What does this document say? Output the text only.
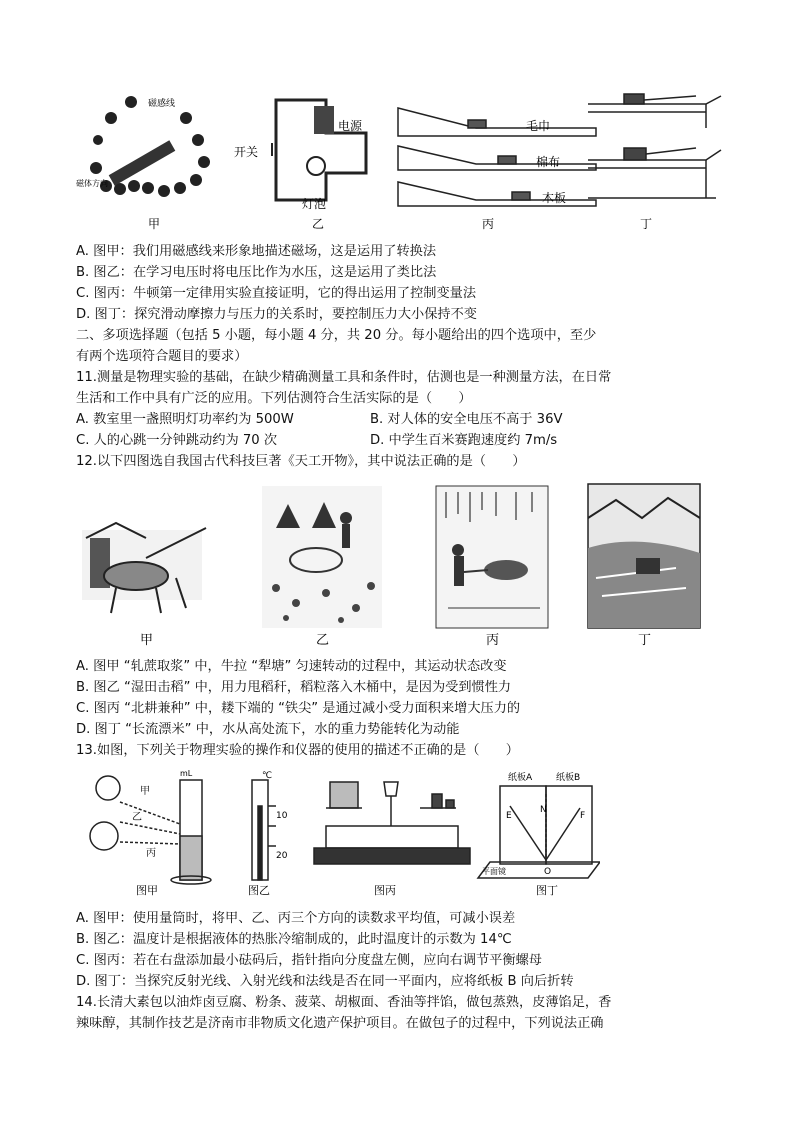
磁感线
磁体方向
甲
电源
开关
灯泡
乙
毛巾
棉布
木板
丙	丁
A. 图甲：我们用磁感线来形象地描述磁场，这是运用了转换法
B. 图乙：在学习电压时将电压比作为水压，这是运用了类比法
C. 图丙：牛顿第一定律用实验直接证明，它的得出运用了控制变量法
D. 图丁：探究滑动摩擦力与压力的关系时，要控制压力大小保持不变
二、多项选择题（包括 5 小题，每小题 4 分，共 20 分。每小题给出的四个选项中，至少
有两个选项符合题目的要求）
11.测量是物理实验的基础，在缺少精确测量工具和条件时，估测也是一种测量方法，在日常
生活和工作中具有广泛的应用。下列估测符合生活实际的是（　　）
A. 教室里一盏照明灯功率约为 500W	B. 对人体的安全电压不高于 36V
C. 人的心跳一分钟跳动约为 70 次	D. 中学生百米赛跑速度约 7m/s
12.以下四图选自我国古代科技巨著《天工开物》，其中说法正确的是（　　）
甲	乙	丙	丁
A. 图甲 “轧蔗取浆” 中，牛拉 “犁塘” 匀速转动的过程中，其运动状态改变
B. 图乙 “湿田击稻” 中，用力甩稻秆，稻粒落入木桶中，是因为受到惯性力
C. 图丙 “北耕兼种” 中，耧下端的 “铁尖” 是通过减小受力面积来增大压力的
D. 图丁 “长流漂米” 中，水从高处流下，水的重力势能转化为动能
13.如图，下列关于物理实验的操作和仪器的使用的描述不正确的是（　　）
甲
乙
丙
mL
图甲
℃
10
20
图乙	图丙
纸板A	纸板B
E
N
F
O
平面镜
图丁
A. 图甲：使用量筒时，将甲、乙、丙三个方向的读数求平均值，可减小误差
B. 图乙：温度计是根据液体的热胀冷缩制成的，此时温度计的示数为 14℃
C. 图丙：若在右盘添加最小砝码后，指针指向分度盘左侧，应向右调节平衡螺母
D. 图丁：当探究反射光线、入射光线和法线是否在同一平面内，应将纸板 B 向后折转
14.长清大素包以油炸卤豆腐、粉条、菠菜、胡椒面、香油等拌馅，做包蒸熟，皮薄馅足，香
辣味醇，其制作技艺是济南市非物质文化遗产保护项目。在做包子的过程中，下列说法正确
